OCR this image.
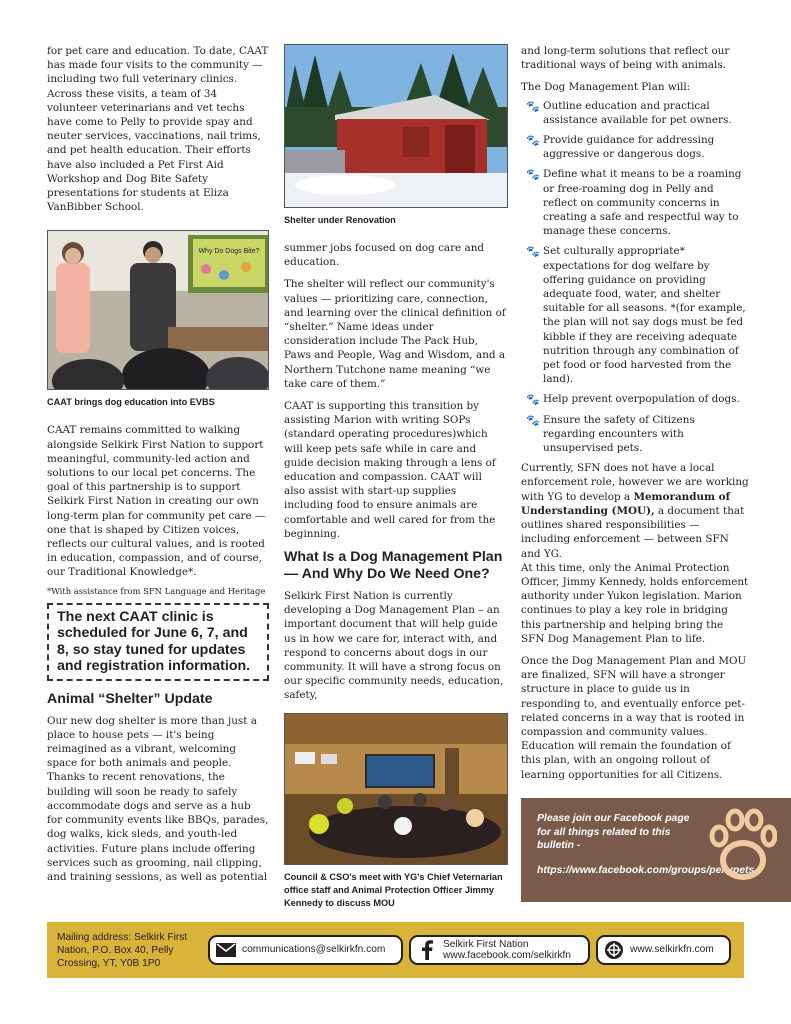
for pet care and education. To date, CAAT has made four visits to the community — including two full veterinary clinics. Across these visits, a team of 34 volunteer veterinarians and vet techs have come to Pelly to provide spay and neuter services, vaccinations, nail trims, and pet health education. Their efforts have also included a Pet First Aid Workshop and Dog Bite Safety presentations for students at Eliza VanBibber School.

Why Do Dogs Bite?
CAAT brings dog education into EVBS

CAAT remains committed to walking alongside Selkirk First Nation to support meaningful, community-led action and solutions to our local pet concerns. The goal of this partnership is to support Selkirk First Nation in creating our own long-term plan for community pet care — one that is shaped by Citizen voices, reflects our cultural values, and is rooted in education, compassion, and of course, our Traditional Knowledge*.

*With assistance from SFN Language and Heritage
The next CAAT clinic is scheduled for June 6, 7, and 8, so stay tuned for updates and registration information.
Animal “Shelter” Update

Our new dog shelter is more than just a place to house pets — it's being reimagined as a vibrant, welcoming space for both animals and people. Thanks to recent renovations, the building will soon be ready to safely accommodate dogs and serve as a hub for community events like BBQs, parades, dog walks, kick sleds, and youth-led activities. Future plans include offering services such as grooming, nail clipping, and training sessions, as well as potential

Shelter under Renovation

summer jobs focused on dog care and education.

The shelter will reflect our community's values — prioritizing care, connection, and learning over the clinical definition of “shelter.” Name ideas under consideration include The Pack Hub, Paws and People, Wag and Wisdom, and a Northern Tutchone name meaning “we take care of them.”

CAAT is supporting this transition by assisting Marion with writing SOPs (standard operating procedures)which will keep pets safe while in care and guide decision making through a lens of education and compassion. CAAT will also assist with start-up supplies including food to ensure animals are comfortable and well cared for from the beginning.

What Is a Dog Management Plan — And Why Do We Need One?

Selkirk First Nation is currently developing a Dog Management Plan – an important document that will help guide us in how we care for, interact with, and respond to concerns about dogs in our community. It will have a strong focus on our specific community needs, education, safety,

Council & CSO's meet with YG's Chief Veternarian office staff and Animal Protection Officer Jimmy Kennedy to discuss MOU

and long-term solutions that reflect our traditional ways of being with animals.

The Dog Management Plan will:

🐾 Outline education and practical assistance available for pet owners.
🐾 Provide guidance for addressing aggressive or dangerous dogs.
🐾 Define what it means to be a roaming or free-roaming dog in Pelly and reflect on community concerns in creating a safe and respectful way to manage these concerns.
🐾 Set culturally appropriate* expectations for dog welfare by offering guidance on providing adequate food, water, and shelter suitable for all seasons. *(for example, the plan will not say dogs must be fed kibble if they are receiving adequate nutrition through any combination of pet food or food harvested from the land).
🐾 Help prevent overpopulation of dogs.
🐾 Ensure the safety of Citizens regarding encounters with unsupervised pets.

Currently, SFN does not have a local enforcement role, however we are working with YG to develop a Memorandum of Understanding (MOU), a document that outlines shared responsibilities — including enforcement — between SFN and YG.

At this time, only the Animal Protection Officer, Jimmy Kennedy, holds enforcement authority under Yukon legislation. Marion continues to play a key role in bridging this partnership and helping bring the SFN Dog Management Plan to life.

Once the Dog Management Plan and MOU are finalized, SFN will have a stronger structure in place to guide us in responding to, and eventually enforce pet-related concerns in a way that is rooted in compassion and community values. Education will remain the foundation of this plan, with an ongoing rollout of learning opportunities for all Citizens.

Please join our Facebook page for all things related to this bulletin -
https://www.facebook.com/groups/pellypets
Mailing address: Selkirk First Nation, P.O. Box 40, Pelly Crossing, YT, Y0B 1P0
communications@selkirkfn.com
Selkirk First Nation
www.facebook.com/selkirkfn
www.selkirkfn.com
